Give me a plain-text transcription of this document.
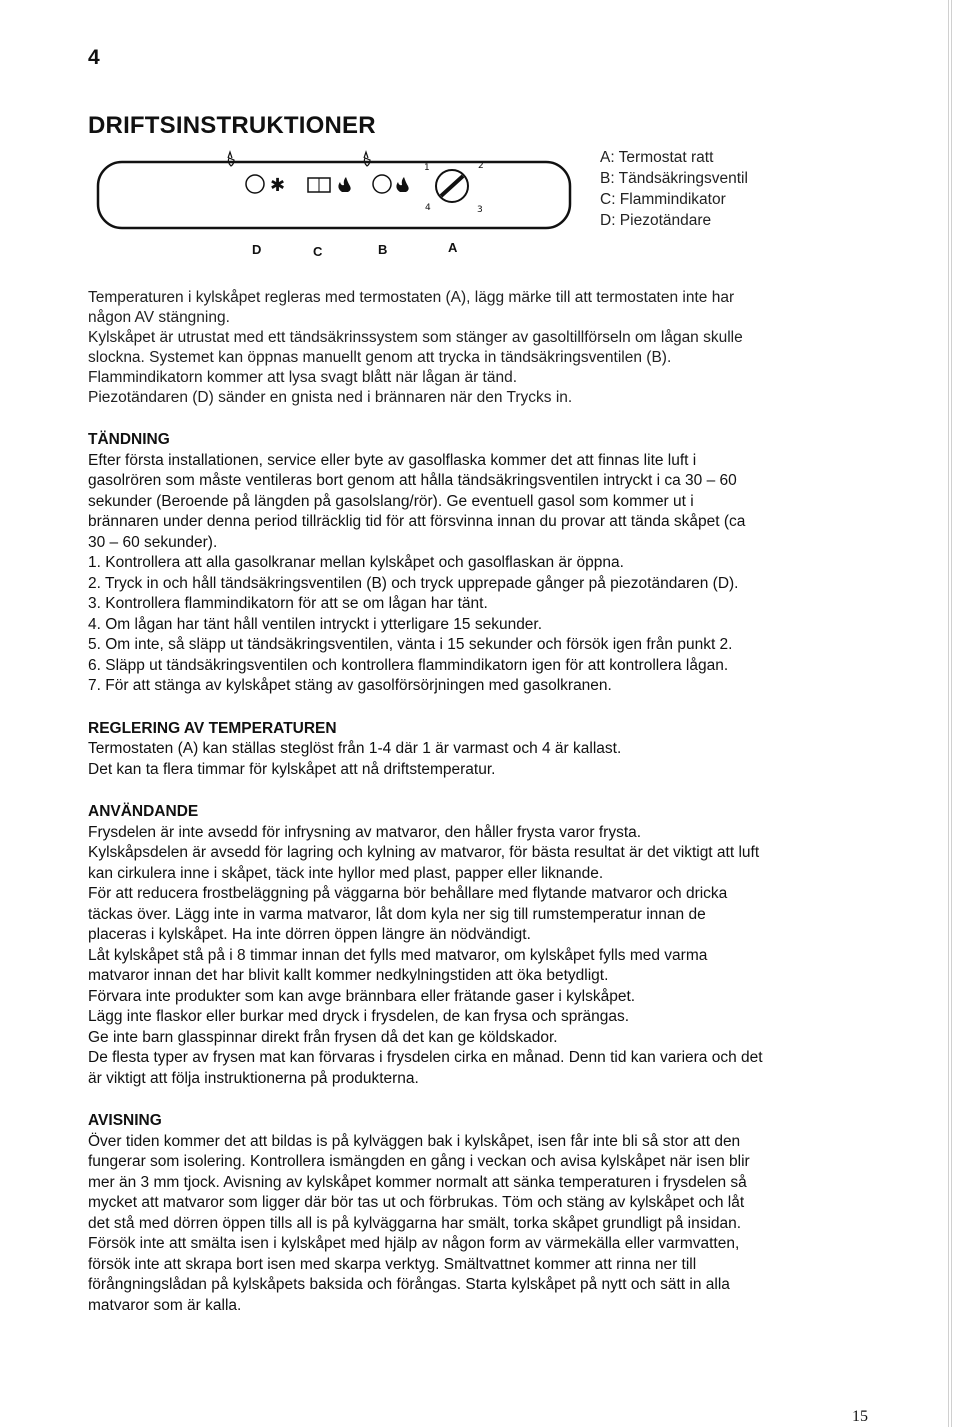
4
DRIFTSINSTRUKTIONER
✱
1	2
3
4
D	C	B	A
A: Termostat ratt
B: Tändsäkringsventil
C: Flammindikator
D: Piezotändare
Temperaturen i kylskåpet regleras med termostaten (A), lägg märke till att termostaten inte har
någon AV stängning.
Kylskåpet är utrustat med ett tändsäkrinssystem som stänger av gasoltillförseln om lågan skulle
slockna. Systemet kan öppnas manuellt genom att trycka in tändsäkringsventilen (B).
Flammindikatorn kommer att lysa svagt blått när lågan är tänd.
Piezotändaren (D) sänder en gnista ned i brännaren när den Trycks in.

TÄNDNING

Efter första installationen, service eller byte av gasolflaska kommer det att finnas lite luft i

gasolrören som måste ventileras bort genom att hålla tändsäkringsventilen intryckt i ca 30 – 60

sekunder (Beroende på längden på gasolslang/rör). Ge eventuell gasol som kommer ut i

brännaren under denna period tillräcklig tid för att försvinna innan du provar att tända skåpet (ca

30 – 60 sekunder).

1. Kontrollera att alla gasolkranar mellan kylskåpet och gasolflaskan är öppna.

2. Tryck in och håll tändsäkringsventilen (B) och tryck upprepade gånger på piezotändaren (D).

3. Kontrollera flammindikatorn för att se om lågan har tänt.

4. Om lågan har tänt håll ventilen intryckt i ytterligare 15 sekunder.

5. Om inte, så släpp ut tändsäkringsventilen, vänta i 15 sekunder och försök igen från punkt 2.

6. Släpp ut tändsäkringsventilen och kontrollera flammindikatorn igen för att kontrollera lågan.

7. För att stänga av kylskåpet stäng av gasolförsörjningen med gasolkranen.

REGLERING AV TEMPERATUREN

Termostaten (A) kan ställas steglöst från 1-4 där 1 är varmast och 4 är kallast.

Det kan ta flera timmar för kylskåpet att nå driftstemperatur.

ANVÄNDANDE

Frysdelen är inte avsedd för infrysning av matvaror, den håller frysta varor frysta.

Kylskåpsdelen är avsedd för lagring och kylning av matvaror, för bästa resultat är det viktigt att luft

kan cirkulera inne i skåpet, täck inte hyllor med plast, papper eller liknande.

För att reducera frostbeläggning på väggarna bör behållare med flytande matvaror och dricka

täckas över. Lägg inte in varma matvaror, låt dom kyla ner sig till rumstemperatur innan de

placeras i kylskåpet. Ha inte dörren öppen längre än nödvändigt.

Låt kylskåpet stå på i 8 timmar innan det fylls med matvaror, om kylskåpet fylls med varma

matvaror innan det har blivit kallt kommer nedkylningstiden att öka betydligt.

Förvara inte produkter som kan avge brännbara eller frätande gaser i kylskåpet.

Lägg inte flaskor eller burkar med dryck i frysdelen, de kan frysa och sprängas.

Ge inte barn glasspinnar direkt från frysen då det kan ge köldskador.

De flesta typer av frysen mat kan förvaras i frysdelen cirka en månad. Denn tid kan variera och det

är viktigt att följa instruktionerna på produkterna.

AVISNING

Över tiden kommer det att bildas is på kylväggen bak i kylskåpet, isen får inte bli så stor att den

fungerar som isolering. Kontrollera ismängden en gång i veckan och avisa kylskåpet när isen blir

mer än 3 mm tjock. Avisning av kylskåpet kommer normalt att sänka temperaturen i frysdelen så

mycket att matvaror som ligger där bör tas ut och förbrukas. Töm och stäng av kylskåpet och låt

det stå med dörren öppen tills all is på kylväggarna har smält, torka skåpet grundligt på insidan.

Försök inte att smälta isen i kylskåpet med hjälp av någon form av värmekälla eller varmvatten,

försök inte att skrapa bort isen med skarpa verktyg. Smältvattnet kommer att rinna ner till

förångningslådan på kylskåpets baksida och förångas. Starta kylskåpet på nytt och sätt in alla

matvaror som är kalla.

15
